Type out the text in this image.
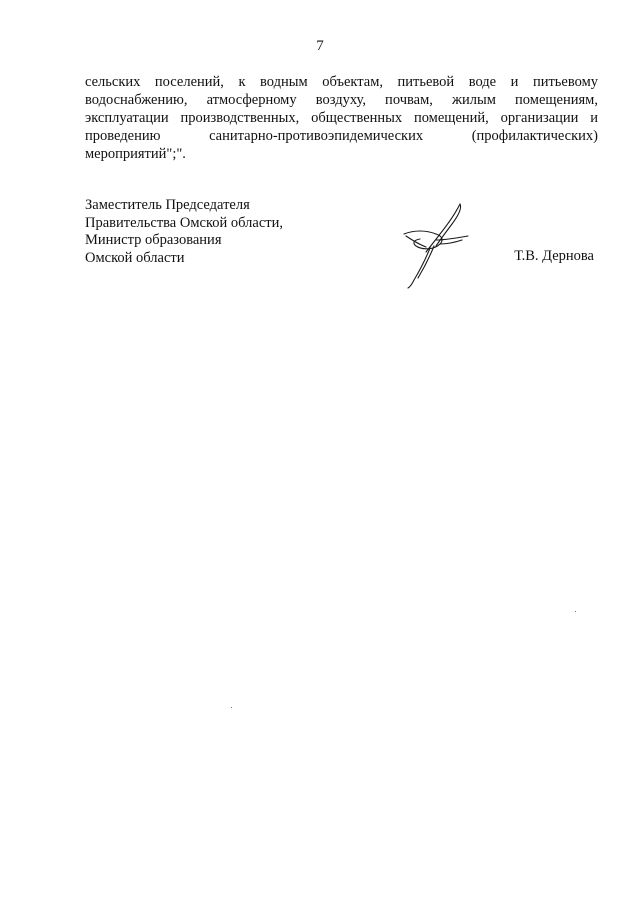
7
сельских поселений, к водным объектам, питьевой воде и питьевому
водоснабжению, атмосферному воздуху, почвам, жилым помещениям,
эксплуатации производственных, общественных помещений, организации и
проведению санитарно-противоэпидемических (профилактических)
мероприятий";".
Заместитель Председателя
Правительства Омской области,
Министр образования
Омской области	Т.В. Дернова
